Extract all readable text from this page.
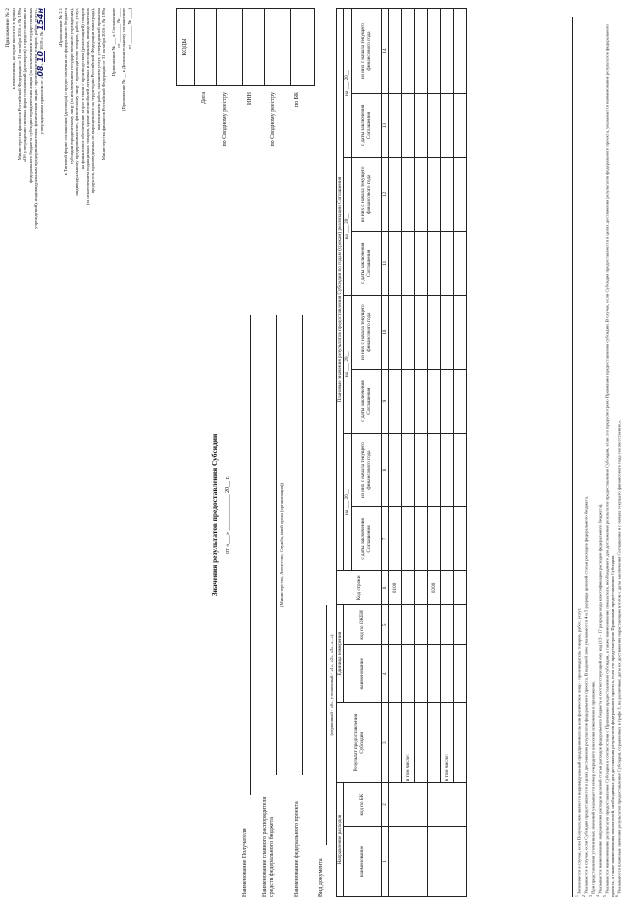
Приложение № 2 к изменениям, которые вносятся в приказ Министерства финансов Российской Федерации от 31 октября 2016 г. № 199н «Об утверждении типовых форм соглашений (договоров) о предоставлении из федерального бюджета субсидии юридическим лицам (за исключением государственных учреждений), индивидуальным предпринимателям, физическим лицам - производителям товаров, работ, услуг», утвержденным приказом от «08» 10 2019 г. № 154н	«Приложение № 2.1 к Типовой форме соглашения (договора) о предоставлении из федерального бюджета субсидии юридическому лицу (за исключением государственного учреждения), индивидуальному предпринимателю, физическому лицу - производителю товаров, работ, услуг, на финансовое обеспечение затрат в связи с производством (реализацией) товаров (за исключением подакцизных товаров, кроме автомобилей легковых и мотоциклов, винодельческих продуктов, произведенных из выращенного на территории Российской Федерации винограда), выполнением работ, оказанием услуг, утвержденной приказом Министерства финансов Российской Федерации от 31 октября 2016 г. № 199н Приложение № ___ к Соглашению от ________ № ____ (Приложение № __ к Дополнительному соглашению от ________ № ____)	КОДЫ

Дата	по Сводному реестру	ИНН	по Сводному реестру	по БК
Значения результатов предоставления Субсидии от «___» ____________ 20__ г.
Наименование Получателя Наименование главного распорядителя средств федерального бюджета
(Министерство, Агентство, Служба, иной орган (организация))
Наименование федерального проекта	Вид документа
(первичный - «0», уточненный - «1», «2», «3», «...»)
Направление расходов		Результат предоставления Субсидии	Единица измерения		Код строки	Плановые значения результатов предоставления Субсидии по годам (срокам) реализации Соглашения							
наименование	код по БК		наименование	код по ОКЕИ		на ___ 20__		на ___ 20__		на ___ 20__		на ___ 20__	
						с даты заключения Соглашения	из них с начала текущего финансового года	с даты заключения Соглашения	из них с начала текущего финансового года	с даты заключения Соглашения	из них с начала текущего финансового года	с даты заключения Соглашения	из них с начала текущего финансового года
1	2	3	4	5	6	7	8	9	10	11	12	13	14
					0100								
		в том числе:											

					0200								
		в том числе:											

$^1$ Заполняется в случае, если Получателем является индивидуальный предприниматель или физическое лицо - производитель товаров, работ, услуг.
$^2$ Указывается в случае, если Субсидия предоставляется в целях достижения результатов федерального проекта. В кодовой зоне указываются 4 и 5 разряды целевой статьи расходов федерального бюджета.
$^3$ При представлении уточненных значений указывается номер очередного внесения изменения в приложение.
$^4$ Указывается наименование направления расходов целевой статьи расходов федерального бюджета и соответствующий ему код (13 - 17 разряды кода классификации расходов федерального бюджета).
$^5$ Указывается наименование результатов предоставления Субсидии в соответствии с Правилами предоставления субсидии, а также наименование показателя, необходимого для достижения результатов предоставления Субсидии, если это предусмотрено Правилами предоставления субсидии. В случае, если Субсидия предоставляется в целях достижения результатов федерального проекта, указывается наименование результатов федерального проекта, а также наименования показателей, необходимых для достижения результатов федерального проекта, если это предусмотрено Правилами предоставления Субсидии. $^6$ Указываются плановые значения результатов предоставления Субсидии, отраженных в графе 3, на различные даты их достижения нарастающим итогом с даты заключения Соглашения и с начала текущего финансового года соответственно.».
